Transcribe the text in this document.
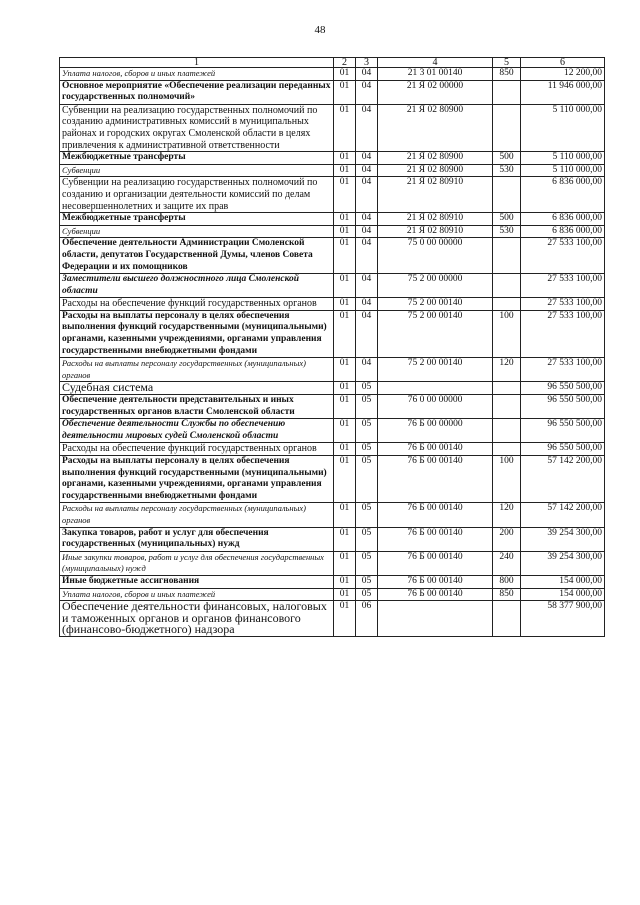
48
1	2	3	4	5	6
Уплата налогов, сборов и иных платежей	01	04	21 3 01 00140	850	12 200,00
Основное мероприятие «Обеспечение реализации переданных государственных полномочий»	01	04	21 Я 02 00000		11 946 000,00
Субвенции на реализацию государственных полномочий по созданию административных комиссий в муниципальных районах и городских округах Смоленской области в целях привлечения к административной ответственности	01	04	21 Я 02 80900		5 110 000,00
Межбюджетные трансферты	01	04	21 Я 02 80900	500	5 110 000,00
Субвенции	01	04	21 Я 02 80900	530	5 110 000,00
Субвенции на реализацию государственных полномочий по созданию и организации деятельности комиссий по делам несовершеннолетних и защите их прав	01	04	21 Я 02 80910		6 836 000,00
Межбюджетные трансферты	01	04	21 Я 02 80910	500	6 836 000,00
Субвенции	01	04	21 Я 02 80910	530	6 836 000,00
Обеспечение деятельности Администрации Смоленской области, депутатов Государственной Думы, членов Совета Федерации и их помощников	01	04	75 0 00 00000		27 533 100,00
Заместители высшего должностного лица Смоленской области	01	04	75 2 00 00000		27 533 100,00
Расходы на обеспечение функций государственных органов	01	04	75 2 00 00140		27 533 100,00
Расходы на выплаты персоналу в целях обеспечения выполнения функций государственными (муниципальными) органами, казенными учреждениями, органами управления государственными внебюджетными фондами	01	04	75 2 00 00140	100	27 533 100,00
Расходы на выплаты персоналу государственных (муниципальных) органов	01	04	75 2 00 00140	120	27 533 100,00
Судебная система	01	05			96 550 500,00
Обеспечение деятельности представительных и иных государственных органов власти Смоленской области	01	05	76 0 00 00000		96 550 500,00
Обеспечение деятельности Службы по обеспечению деятельности мировых судей Смоленской области	01	05	76 Б 00 00000		96 550 500,00
Расходы на обеспечение функций государственных органов	01	05	76 Б 00 00140		96 550 500,00
Расходы на выплаты персоналу в целях обеспечения выполнения функций государственными (муниципальными) органами, казенными учреждениями, органами управления государственными внебюджетными фондами	01	05	76 Б 00 00140	100	57 142 200,00
Расходы на выплаты персоналу государственных (муниципальных) органов	01	05	76 Б 00 00140	120	57 142 200,00
Закупка товаров, работ и услуг для обеспечения государственных (муниципальных) нужд	01	05	76 Б 00 00140	200	39 254 300,00
Иные закупки товаров, работ и услуг для обеспечения государственных (муниципальных) нужд	01	05	76 Б 00 00140	240	39 254 300,00
Иные бюджетные ассигнования	01	05	76 Б 00 00140	800	154 000,00
Уплата налогов, сборов и иных платежей	01	05	76 Б 00 00140	850	154 000,00
Обеспечение деятельности финансовых, налоговых и таможенных органов и органов финансового (финансово-бюджетного) надзора	01	06			58 377 900,00
